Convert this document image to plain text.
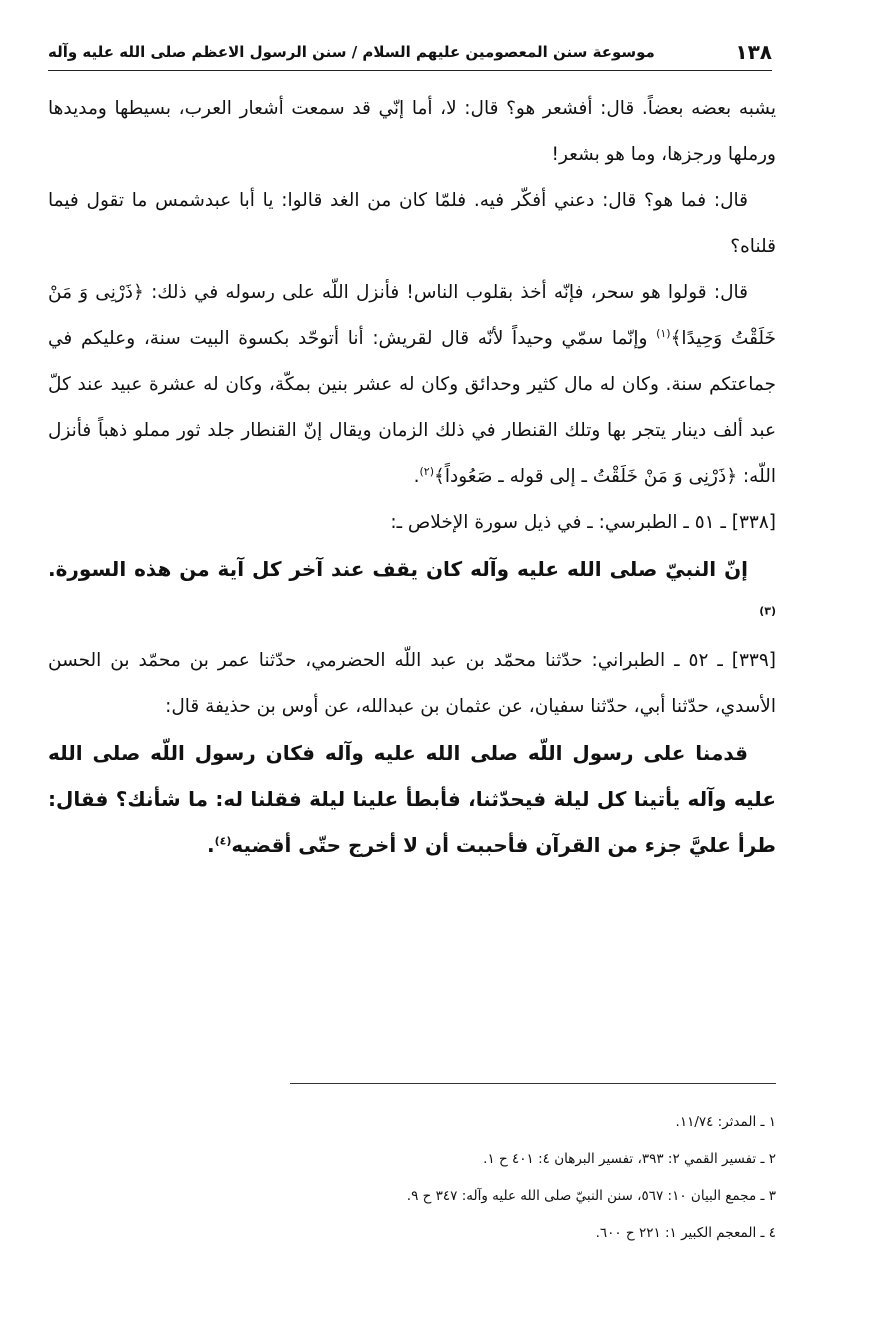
١٣٨
موسوعة سنن المعصومين عليهم السلام / سنن الرسول الاعظم صلى الله عليه وآله

يشبه بعضه بعضاً. قال: أفشعر هو؟ قال: لا، أما إنّي قد سمعت أشعار العرب، بسيطها ومديدها ورملها ورجزها، وما هو بشعر!

قال: فما هو؟ قال: دعني أفكّر فيه. فلمّا كان من الغد قالوا: يا أبا عبدشمس ما تقول فيما قلناه؟

قال: قولوا هو سحر، فإنّه أخذ بقلوب الناس! فأنزل اللّه على رسوله في ذلك: ﴿ذَرْنِى وَ مَنْ خَلَقْتُ وَحِيدًا﴾$^{(١)}$ وإنّما سمّي وحيداً لأنّه قال لقريش: أنا أتوحّد بكسوة البيت سنة، وعليكم في جماعتكم سنة. وكان له مال كثير وحدائق وكان له عشر بنين بمكّة، وكان له عشرة عبيد عند كلّ عبد ألف دينار يتجر بها وتلك القنطار في ذلك الزمان ويقال إنّ القنطار جلد ثور مملو ذهباً فأنزل اللّه: ﴿ذَرْنِى وَ مَنْ خَلَقْتُ ـ إلى قوله ـ صَعُوداً﴾$^{(٢)}$.

[٣٣٨] ـ ٥١ ـ الطبرسي: ـ في ذيل سورة الإخلاص ـ:

إنّ النبيّ صلى الله عليه وآله كان يقف عند آخر كل آية من هذه السورة.$^{(٣)}$

[٣٣٩] ـ ٥٢ ـ الطبراني: حدّثنا محمّد بن عبد اللّه الحضرمي، حدّثنا عمر بن محمّد بن الحسن الأسدي، حدّثنا أبي، حدّثنا سفيان، عن عثمان بن عبدالله، عن أوس بن حذيفة قال:

قدمنا على رسول اللّه صلى الله عليه وآله فكان رسول اللّه صلى الله عليه وآله يأتينا كل ليلة فيحدّثنا، فأبطأ علينا ليلة فقلنا له: ما شأنك؟ فقال: طرأ عليَّ جزء من القرآن فأحببت أن لا أخرج حتّى أقضيه$^{(٤)}$.

١ ـ المدثر: ١١/٧٤.
٢ ـ تفسير القمي ٢: ٣٩٣، تفسير البرهان ٤: ٤٠١ ح ١.
٣ ـ مجمع البيان ١٠: ٥٦٧، سنن النبيّ صلى الله عليه وآله: ٣٤٧ ح ٩.
٤ ـ المعجم الكبير ١: ٢٢١ ح ٦٠٠.
